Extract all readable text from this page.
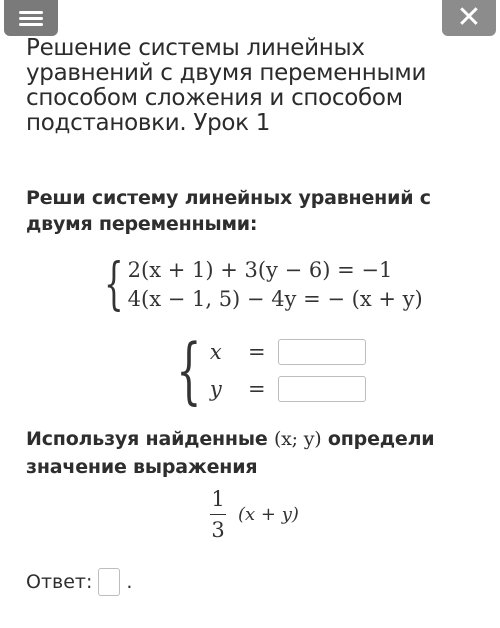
✕
Решение системы линейных уравнений с двумя переменными способом сложения и способом подстановки. Урок 1
Реши систему линейных уравнений с двумя переменными:
{ 2(x + 1) + 3(y − 6) = −1
4(x − 1, 5) − 4y = − (x + y)
{ x	=
y	=
Используя найденные (x; y) определи значение выражения
$\frac{1}{3} (x + y)$
Ответ: .
